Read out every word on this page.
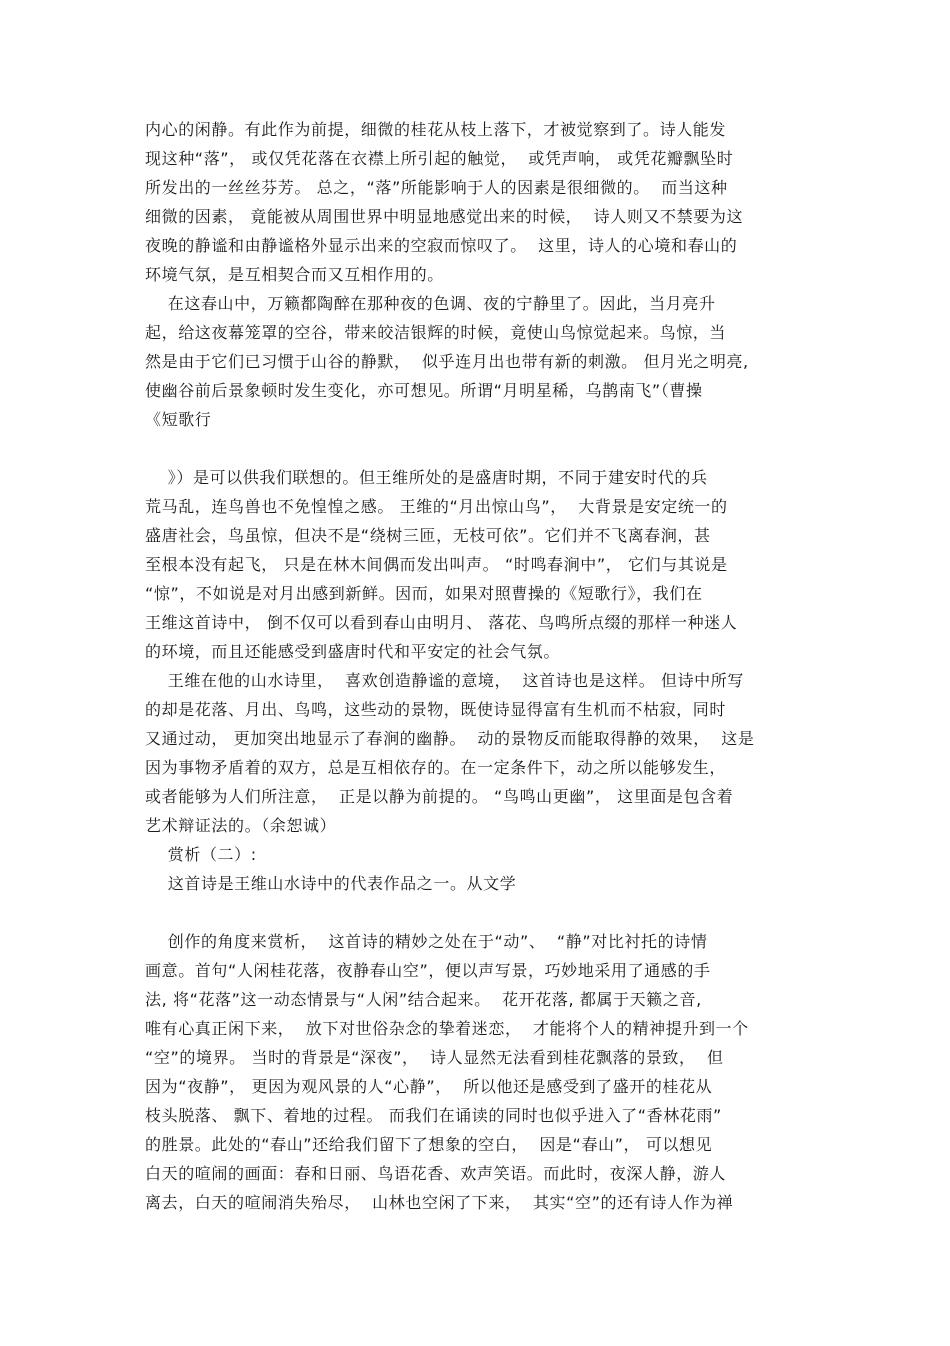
内心的闲静。有此作为前提，细微的桂花从枝上落下，才被觉察到了。诗人能发

现这种“落”， 或仅凭花落在衣襟上所引起的触觉，  或凭声响， 或凭花瓣飘坠时

所发出的一丝丝芬芳。 总之，“落”所能影响于人的因素是很细微的。  而当这种

细微的因素， 竟能被从周围世界中明显地感觉出来的时候，  诗人则又不禁要为这

夜晚的静谧和由静谧格外显示出来的空寂而惊叹了。  这里，诗人的心境和春山的

环境气氛，是互相契合而又互相作用的。

在这春山中，万籁都陶醉在那种夜的色调、夜的宁静里了。因此，当月亮升

起，给这夜幕笼罩的空谷，带来皎洁银辉的时候，竟使山鸟惊觉起来。鸟惊，当

然是由于它们已习惯于山谷的静默，  似乎连月出也带有新的刺激。 但月光之明亮,

使幽谷前后景象顿时发生变化，亦可想见。所谓“月明星稀，乌鹊南飞”（曹操

《短歌行

》）是可以供我们联想的。但王维所处的是盛唐时期，不同于建安时代的兵

荒马乱，连鸟兽也不免惶惶之感。 王维的“月出惊山鸟”，  大背景是安定统一的

盛唐社会，鸟虽惊，但决不是“绕树三匝，无枝可依”。它们并不飞离春涧，甚

至根本没有起飞， 只是在林木间偶而发出叫声。 “时鸣春涧中”， 它们与其说是

“惊”，不如说是对月出感到新鲜。因而，如果对照曹操的《短歌行》，我们在

王维这首诗中， 倒不仅可以看到春山由明月、 落花、鸟鸣所点缀的那样一种迷人

的环境，而且还能感受到盛唐时代和平安定的社会气氛。

王维在他的山水诗里，  喜欢创造静谧的意境，  这首诗也是这样。 但诗中所写

的却是花落、月出、鸟鸣，这些动的景物，既使诗显得富有生机而不枯寂，同时

又通过动， 更加突出地显示了春涧的幽静。  动的景物反而能取得静的效果，  这是

因为事物矛盾着的双方，总是互相依存的。在一定条件下，动之所以能够发生，

或者能够为人们所注意，  正是以静为前提的。 “鸟鸣山更幽”， 这里面是包含着

艺术辩证法的。（余恕诚）

赏析（二）:

这首诗是王维山水诗中的代表作品之一。从文学

创作的角度来赏析，  这首诗的精妙之处在于“动”、  “静”对比衬托的诗情

画意。首句“人闲桂花落，夜静春山空”，便以声写景，巧妙地采用了通感的手

法, 将“花落”这一动态情景与“人闲”结合起来。  花开花落, 都属于天籁之音,

唯有心真正闲下来，  放下对世俗杂念的挚着迷恋，  才能将个人的精神提升到一个

“空”的境界。 当时的背景是“深夜”，  诗人显然无法看到桂花飘落的景致，  但

因为“夜静”， 更因为观风景的人“心静”，  所以他还是感受到了盛开的桂花从

枝头脱落、 飘下、着地的过程。 而我们在诵读的同时也似乎进入了“香林花雨”

的胜景。此处的“春山”还给我们留下了想象的空白，  因是“春山”， 可以想见

白天的喧闹的画面：春和日丽、鸟语花香、欢声笑语。而此时，夜深人静，游人

离去，白天的喧闹消失殆尽，  山林也空闲了下来，  其实“空”的还有诗人作为禅
